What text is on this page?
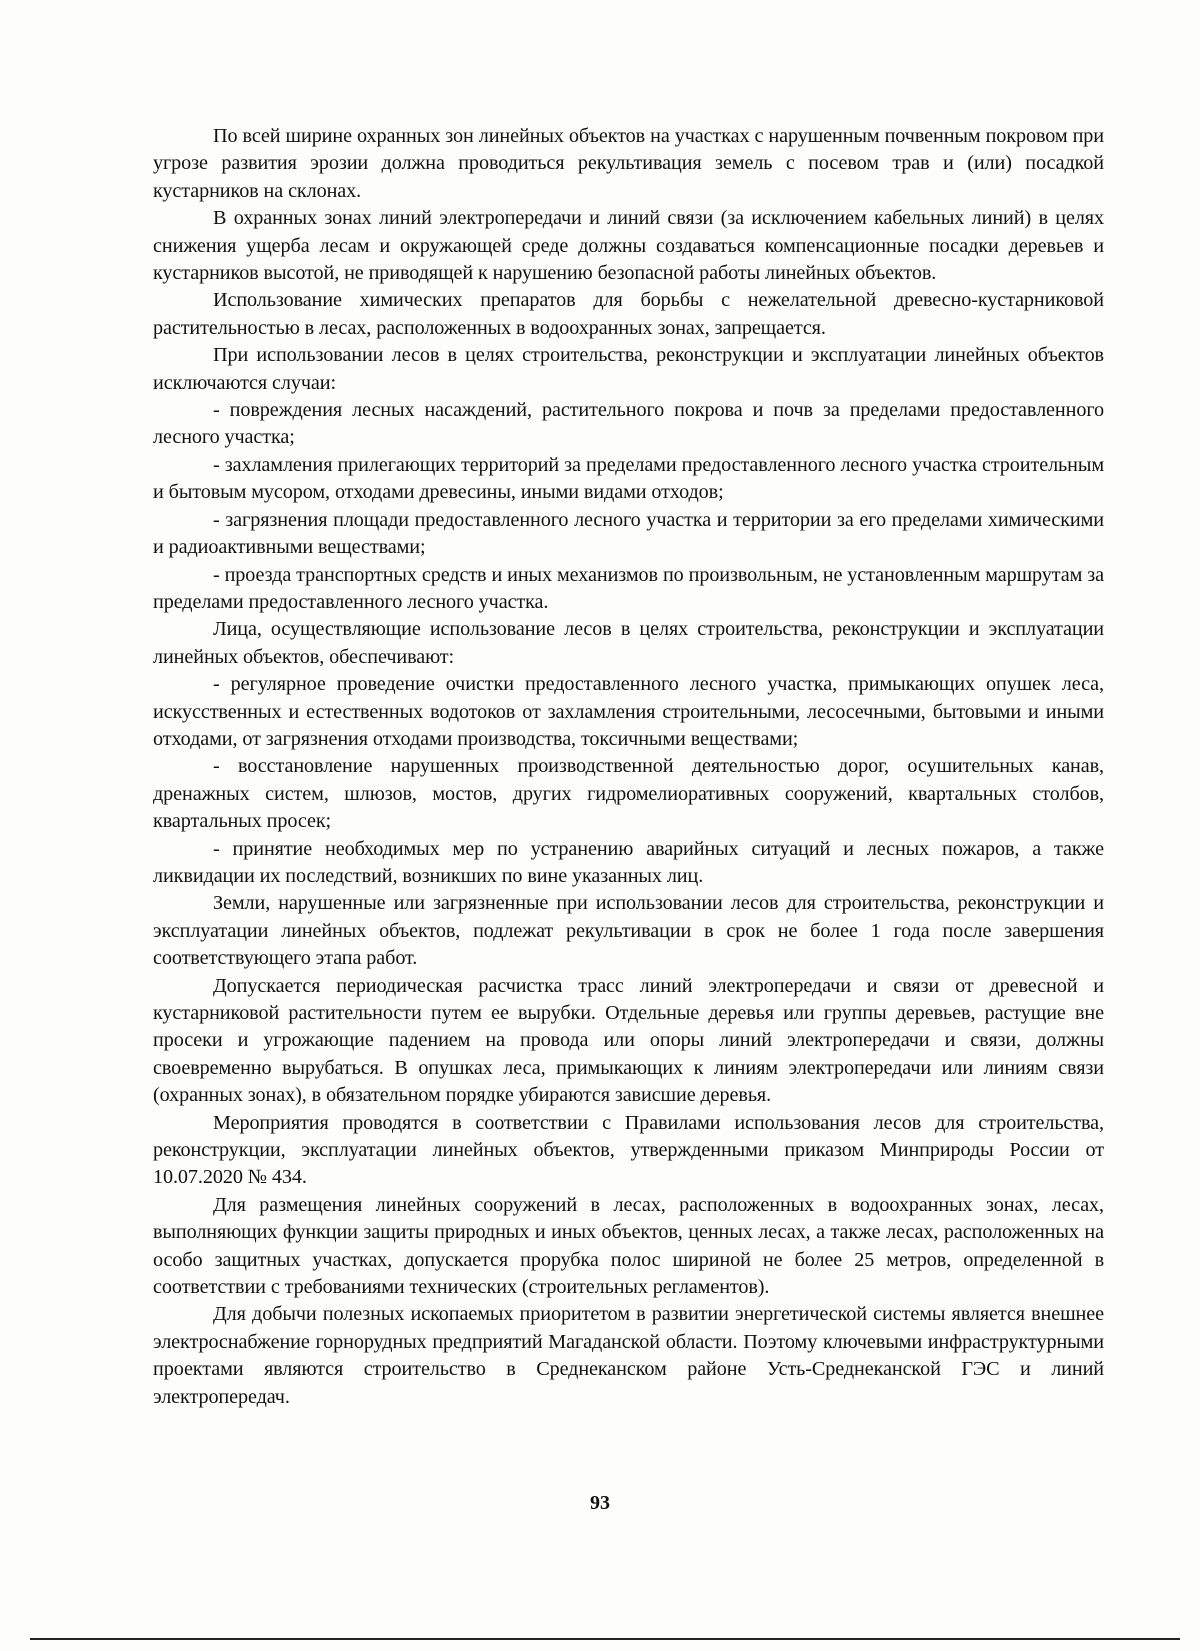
По всей ширине охранных зон линейных объектов на участках с нарушенным почвенным покровом при угрозе развития эрозии должна проводиться рекультивация земель с посевом трав и (или) посадкой кустарников на склонах.

В охранных зонах линий электропередачи и линий связи (за исключением кабельных линий) в целях снижения ущерба лесам и окружающей среде должны создаваться компенсационные посадки деревьев и кустарников высотой, не приводящей к нарушению безопасной работы линейных объектов.

Использование химических препаратов для борьбы с нежелательной древесно-кустарниковой растительностью в лесах, расположенных в водоохранных зонах, запрещается.

При использовании лесов в целях строительства, реконструкции и эксплуатации линейных объектов исключаются случаи:

- повреждения лесных насаждений, растительного покрова и почв за пределами предоставленного лесного участка;

- захламления прилегающих территорий за пределами предоставленного лесного участка строительным и бытовым мусором, отходами древесины, иными видами отходов;

- загрязнения площади предоставленного лесного участка и территории за его пределами химическими и радиоактивными веществами;

- проезда транспортных средств и иных механизмов по произвольным, не установленным маршрутам за пределами предоставленного лесного участка.

Лица, осуществляющие использование лесов в целях строительства, реконструкции и эксплуатации линейных объектов, обеспечивают:

- регулярное проведение очистки предоставленного лесного участка, примыкающих опушек леса, искусственных и естественных водотоков от захламления строительными, лесосечными, бытовыми и иными отходами, от загрязнения отходами производства, токсичными веществами;

- восстановление нарушенных производственной деятельностью дорог, осушительных канав, дренажных систем, шлюзов, мостов, других гидромелиоративных сооружений, квартальных столбов, квартальных просек;

- принятие необходимых мер по устранению аварийных ситуаций и лесных пожаров, а также ликвидации их последствий, возникших по вине указанных лиц.

Земли, нарушенные или загрязненные при использовании лесов для строительства, реконструкции и эксплуатации линейных объектов, подлежат рекультивации в срок не более 1 года после завершения соответствующего этапа работ.

Допускается периодическая расчистка трасс линий электропередачи и связи от древесной и кустарниковой растительности путем ее вырубки. Отдельные деревья или группы деревьев, растущие вне просеки и угрожающие падением на провода или опоры линий электропередачи и связи, должны своевременно вырубаться. В опушках леса, примыкающих к линиям электропередачи или линиям связи (охранных зонах), в обязательном порядке убираются зависшие деревья.

Мероприятия проводятся в соответствии с Правилами использования лесов для строительства, реконструкции, эксплуатации линейных объектов, утвержденными приказом Минприроды России от 10.07.2020 № 434.

Для размещения линейных сооружений в лесах, расположенных в водоохранных зонах, лесах, выполняющих функции защиты природных и иных объектов, ценных лесах, а также лесах, расположенных на особо защитных участках, допускается прорубка полос шириной не более 25 метров, определенной в соответствии с требованиями технических (строительных регламентов).

Для добычи полезных ископаемых приоритетом в развитии энергетической системы является внешнее электроснабжение горнорудных предприятий Магаданской области. Поэтому ключевыми инфраструктурными проектами являются строительство в Среднеканском районе Усть-Среднеканской ГЭС и линий электропередач.

93
